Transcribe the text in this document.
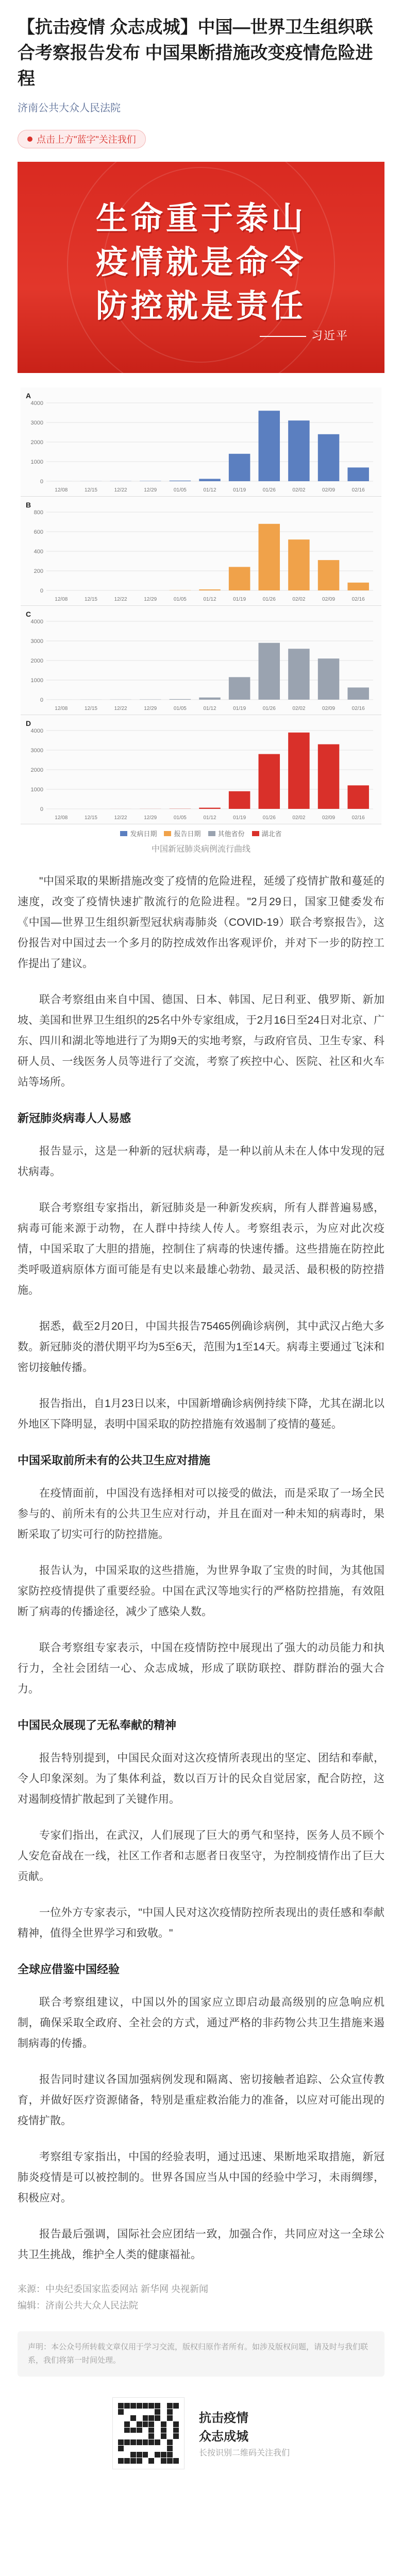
【抗击疫情 众志成城】中国—世界卫生组织联合考察报告发布 中国果断措施改变疫情危险进程
济南公共大众人民法院
点击上方"蓝字"关注我们
生命重于泰山
疫情就是命令
防控就是责任
习近平
0
1000
2000
3000
4000
12/08	12/15	12/22	12/29	01/05	01/12	01/19	01/26	02/02	02/09	02/16
A
0
200
400
600
800
12/08	12/15	12/22	12/29	01/05	01/12	01/19	01/26	02/02	02/09	02/16
B
0
1000
2000
3000
4000
12/08	12/15	12/22	12/29	01/05	01/12	01/19	01/26	02/02	02/09	02/16
C
0
1000
2000
3000
4000
12/08	12/15	12/22	12/29	01/05	01/12	01/19	01/26	02/02	02/09	02/16
D
发病日期	报告日期	其他省份	湖北省
中国新冠肺炎病例流行曲线

"中国采取的果断措施改变了疫情的危险进程，延缓了疫情扩散和蔓延的速度，改变了疫情快速扩散流行的危险进程。"2月29日，国家卫健委发布《中国—世界卫生组织新型冠状病毒肺炎（COVID-19）联合考察报告》，这份报告对中国过去一个多月的防控成效作出客观评价，并对下一步的防控工作提出了建议。

联合考察组由来自中国、德国、日本、韩国、尼日利亚、俄罗斯、新加坡、美国和世界卫生组织的25名中外专家组成，于2月16日至24日对北京、广东、四川和湖北等地进行了为期9天的实地考察，与政府官员、卫生专家、科研人员、一线医务人员等进行了交流，考察了疾控中心、医院、社区和火车站等场所。

新冠肺炎病毒人人易感

报告显示，这是一种新的冠状病毒，是一种以前从未在人体中发现的冠状病毒。

联合考察组专家指出，新冠肺炎是一种新发疾病，所有人群普遍易感，病毒可能来源于动物，在人群中持续人传人。考察组表示，为应对此次疫情，中国采取了大胆的措施，控制住了病毒的快速传播。这些措施在防控此类呼吸道病原体方面可能是有史以来最雄心勃勃、最灵活、最积极的防控措施。

据悉，截至2月20日，中国共报告75465例确诊病例，其中武汉占绝大多数。新冠肺炎的潜伏期平均为5至6天，范围为1至14天。病毒主要通过飞沫和密切接触传播。

报告指出，自1月23日以来，中国新增确诊病例持续下降，尤其在湖北以外地区下降明显，表明中国采取的防控措施有效遏制了疫情的蔓延。

中国采取前所未有的公共卫生应对措施

在疫情面前，中国没有选择相对可以接受的做法，而是采取了一场全民参与的、前所未有的公共卫生应对行动，并且在面对一种未知的病毒时，果断采取了切实可行的防控措施。

报告认为，中国采取的这些措施，为世界争取了宝贵的时间，为其他国家防控疫情提供了重要经验。中国在武汉等地实行的严格防控措施，有效阻断了病毒的传播途径，减少了感染人数。

联合考察组专家表示，中国在疫情防控中展现出了强大的动员能力和执行力，全社会团结一心、众志成城，形成了联防联控、群防群治的强大合力。

中国民众展现了无私奉献的精神

报告特别提到，中国民众面对这次疫情所表现出的坚定、团结和奉献，令人印象深刻。为了集体利益，数以百万计的民众自觉居家，配合防控，这对遏制疫情扩散起到了关键作用。

专家们指出，在武汉，人们展现了巨大的勇气和坚持，医务人员不顾个人安危奋战在一线，社区工作者和志愿者日夜坚守，为控制疫情作出了巨大贡献。

一位外方专家表示，"中国人民对这次疫情防控所表现出的责任感和奉献精神，值得全世界学习和致敬。"

全球应借鉴中国经验

联合考察组建议，中国以外的国家应立即启动最高级别的应急响应机制，确保采取全政府、全社会的方式，通过严格的非药物公共卫生措施来遏制病毒的传播。

报告同时建议各国加强病例发现和隔离、密切接触者追踪、公众宣传教育，并做好医疗资源储备，特别是重症救治能力的准备，以应对可能出现的疫情扩散。

考察组专家指出，中国的经验表明，通过迅速、果断地采取措施，新冠肺炎疫情是可以被控制的。世界各国应当从中国的经验中学习，未雨绸缪，积极应对。

报告最后强调，国际社会应团结一致，加强合作，共同应对这一全球公共卫生挑战，维护全人类的健康福祉。

来源：中央纪委国家监委网站 新华网 央视新闻
编辑：济南公共大众人民法院
声明：本公众号所转载文章仅用于学习交流，版权归原作者所有。如涉及版权问题，请及时与我们联系，我们将第一时间处理。
抗击疫情
众志成城
长按识别二维码关注我们
